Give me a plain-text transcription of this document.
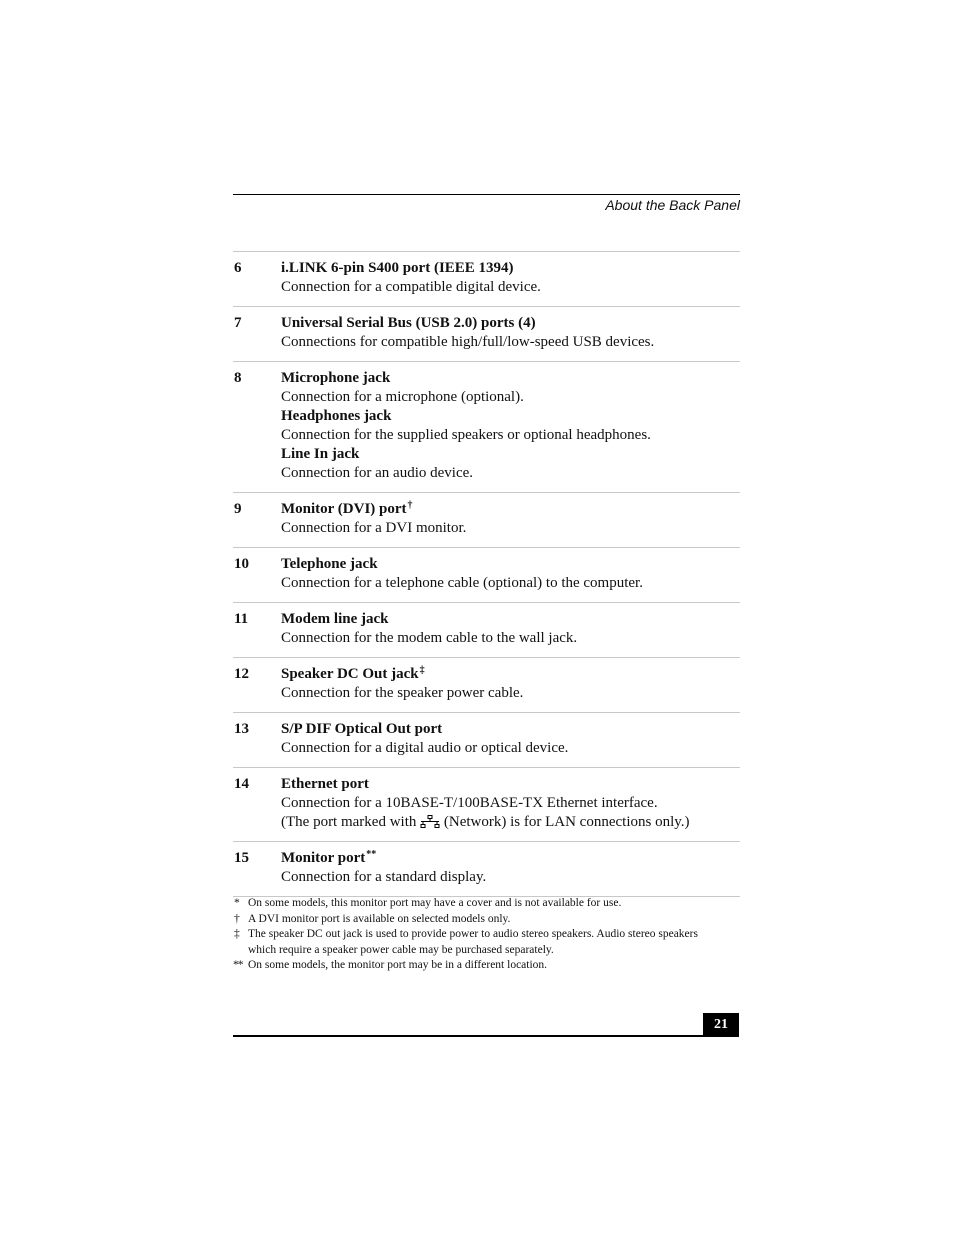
About the Back Panel
6	i.LINK 6-pin S400 port (IEEE 1394)
Connection for a compatible digital device.
7	Universal Serial Bus (USB 2.0) ports (4)
Connections for compatible high/full/low-speed USB devices.
8	Microphone jack
Connection for a microphone (optional).
Headphones jack
Connection for the supplied speakers or optional headphones.
Line In jack
Connection for an audio device.
9	Monitor (DVI) port†
Connection for a DVI monitor.
10 Telephone jack
Connection for a telephone cable (optional) to the computer.
11 Modem line jack
Connection for the modem cable to the wall jack.
12 Speaker DC Out jack‡
Connection for the speaker power cable.
13 S/P DIF Optical Out port
Connection for a digital audio or optical device.
14 Ethernet port
Connection for a 10BASE-T/100BASE-TX Ethernet interface.
(The port marked with
(Network) is for LAN connections only.)
15 Monitor port**
Connection for a standard display.
* On some models, this monitor port may have a cover and is not available for use.
† A DVI monitor port is available on selected models only.
‡ The speaker DC out jack is used to provide power to audio stereo speakers. Audio stereo speakers which require a speaker power cable may be purchased separately.
** On some models, the monitor port may be in a different location.
21
